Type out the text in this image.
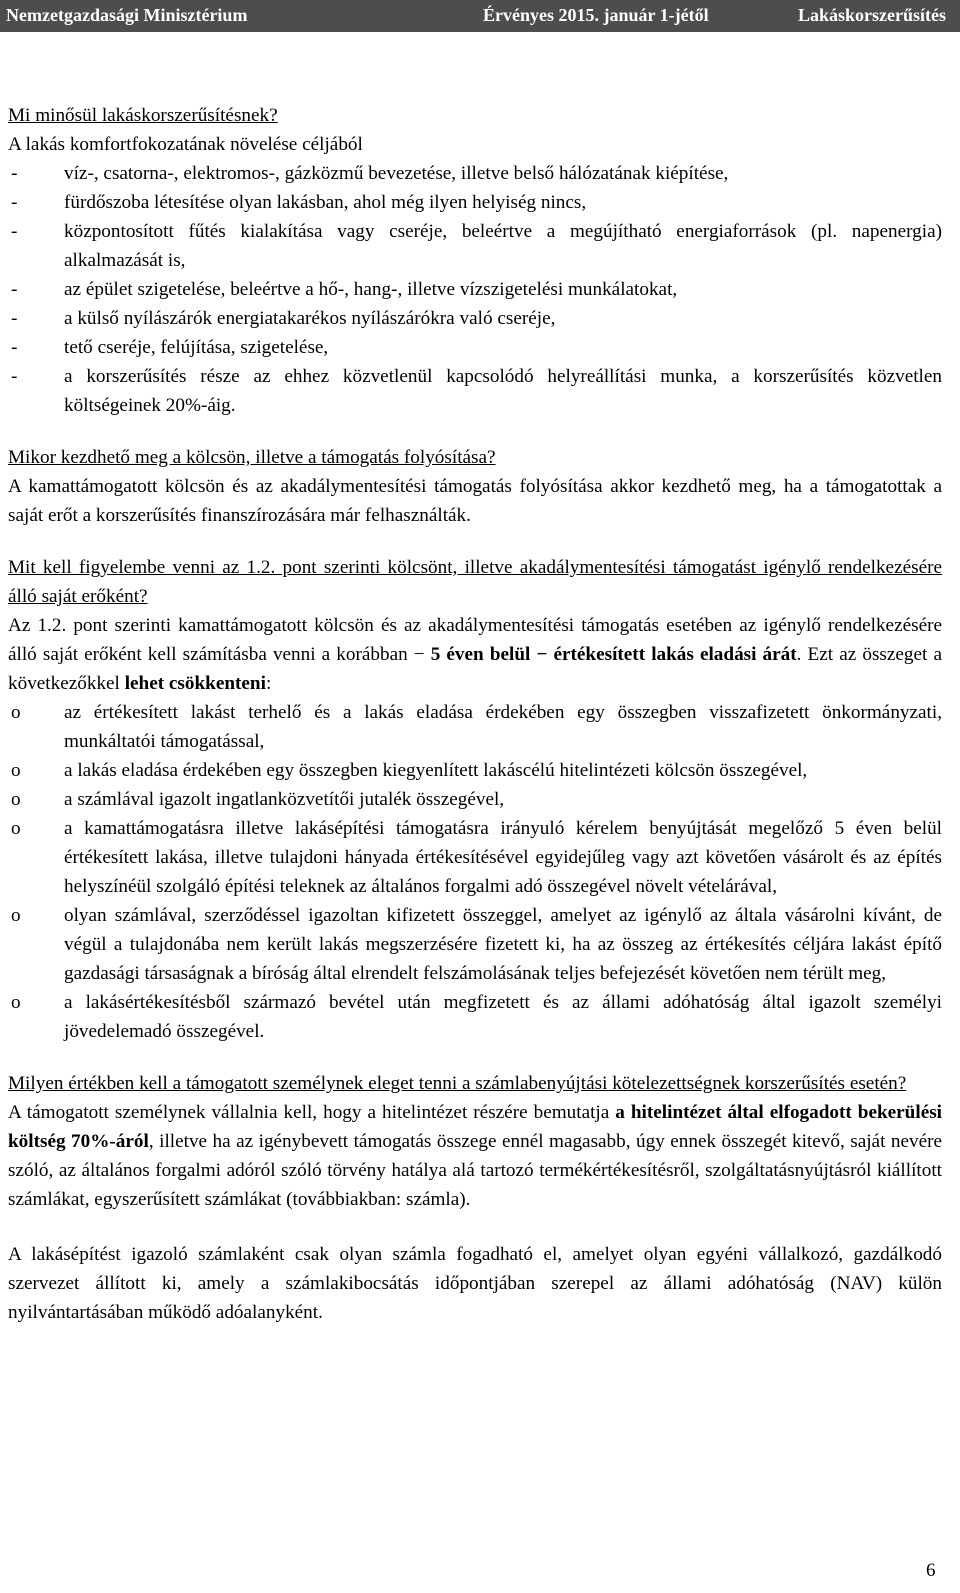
Nemzetgazdasági Minisztérium	Érvényes 2015. január 1-jétől	Lakáskorszerűsítés
Mi minősül lakáskorszerűsítésnek?
A lakás komfortfokozatának növelése céljából
- víz-, csatorna-, elektromos-, gázközmű bevezetése, illetve belső hálózatának kiépítése,
- fürdőszoba létesítése olyan lakásban, ahol még ilyen helyiség nincs,
- központosított fűtés kialakítása vagy cseréje, beleértve a megújítható energiaforrások (pl. napenergia) alkalmazását is,
- az épület szigetelése, beleértve a hő-, hang-, illetve vízszigetelési munkálatokat,
- a külső nyílászárók energiatakarékos nyílászárókra való cseréje,
- tető cseréje, felújítása, szigetelése,
- a korszerűsítés része az ehhez közvetlenül kapcsolódó helyreállítási munka, a korszerűsítés közvetlen költségeinek 20%-áig.
Mikor kezdhető meg a kölcsön, illetve a támogatás folyósítása?
A kamattámogatott kölcsön és az akadálymentesítési támogatás folyósítása akkor kezdhető meg, ha a támogatottak a saját erőt a korszerűsítés finanszírozására már felhasználták.
Mit kell figyelembe venni az 1.2. pont szerinti kölcsönt, illetve akadálymentesítési támogatást igénylő rendelkezésére álló saját erőként?
Az 1.2. pont szerinti kamattámogatott kölcsön és az akadálymentesítési támogatás esetében az igénylő rendelkezésére álló saját erőként kell számításba venni a korábban − 5 éven belül − értékesített lakás eladási árát. Ezt az összeget a következőkkel lehet csökkenteni:
o az értékesített lakást terhelő és a lakás eladása érdekében egy összegben visszafizetett önkormányzati, munkáltatói támogatással,
o a lakás eladása érdekében egy összegben kiegyenlített lakáscélú hitelintézeti kölcsön összegével,
o a számlával igazolt ingatlanközvetítői jutalék összegével,
o a kamattámogatásra illetve lakásépítési támogatásra irányuló kérelem benyújtását megelőző 5 éven belül értékesített lakása, illetve tulajdoni hányada értékesítésével egyidejűleg vagy azt követően vásárolt és az építés helyszínéül szolgáló építési teleknek az általános forgalmi adó összegével növelt vételárával,
o olyan számlával, szerződéssel igazoltan kifizetett összeggel, amelyet az igénylő az általa vásárolni kívánt, de végül a tulajdonába nem került lakás megszerzésére fizetett ki, ha az összeg az értékesítés céljára lakást építő gazdasági társaságnak a bíróság által elrendelt felszámolásának teljes befejezését követően nem térült meg,
o a lakásértékesítésből származó bevétel után megfizetett és az állami adóhatóság által igazolt személyi jövedelemadó összegével.
Milyen értékben kell a támogatott személynek eleget tenni a számlabenyújtási kötelezettségnek korszerűsítés esetén?
A támogatott személynek vállalnia kell, hogy a hitelintézet részére bemutatja a hitelintézet által elfogadott bekerülési költség 70%-áról, illetve ha az igénybevett támogatás összege ennél magasabb, úgy ennek összegét kitevő, saját nevére szóló, az általános forgalmi adóról szóló törvény hatálya alá tartozó termékértékesítésről, szolgáltatásnyújtásról kiállított számlákat, egyszerűsített számlákat (továbbiakban: számla).
A lakásépítést igazoló számlaként csak olyan számla fogadható el, amelyet olyan egyéni vállalkozó, gazdálkodó szervezet állított ki, amely a számlakibocsátás időpontjában szerepel az állami adóhatóság (NAV) külön nyilvántartásában működő adóalanyként.
6
